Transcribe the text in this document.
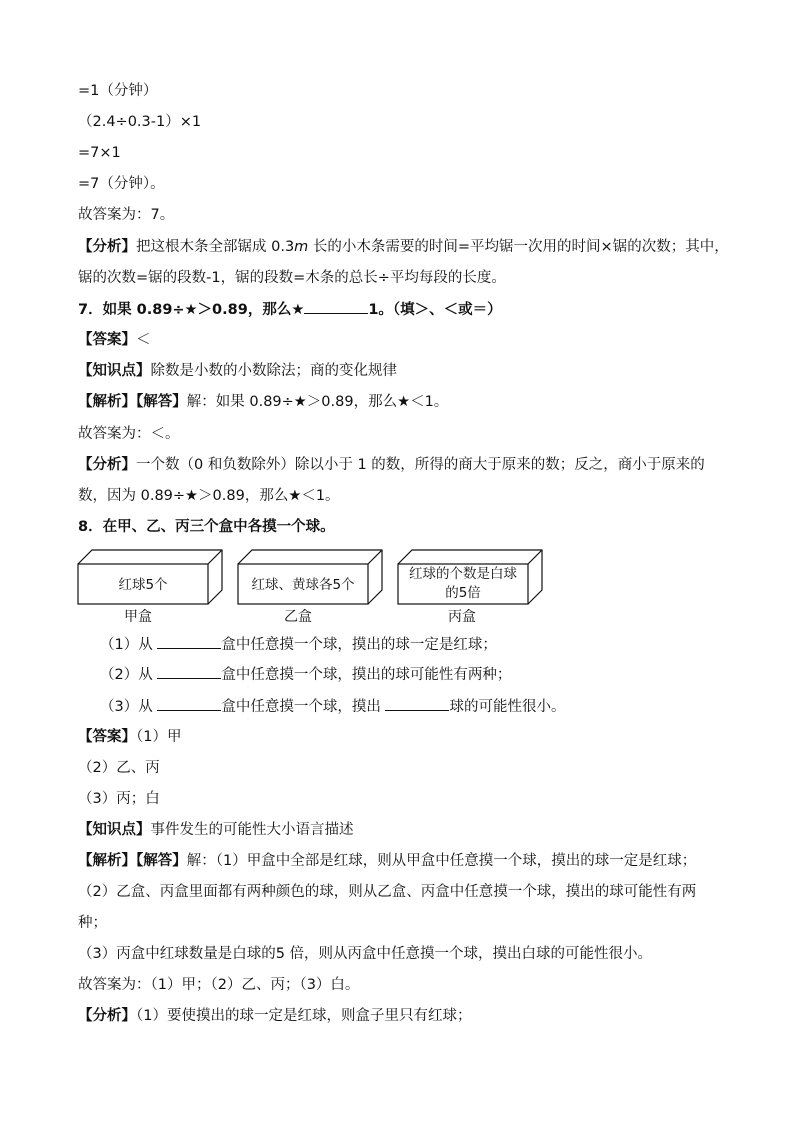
=1（分钟）
（2.4÷0.3-1）×1
=7×1
=7（分钟）。
故答案为：7。
【分析】把这根木条全部锯成 0.3m 长的小木条需要的时间=平均锯一次用的时间×锯的次数；其中，
锯的次数=锯的段数-1，锯的段数=木条的总长÷平均每段的长度。
7．如果 0.89÷★＞0.89，那么★	1。（填＞、＜或＝）
【答案】＜
【知识点】除数是小数的小数除法；商的变化规律
【解析】【解答】解：如果 0.89÷★＞0.89，那么★＜1。
故答案为：＜。
【分析】一个数（0 和负数除外）除以小于 1 的数，所得的商大于原来的数；反之，商小于原来的
数，因为 0.89÷★＞0.89，那么★＜1。
8．在甲、乙、丙三个盒中各摸一个球。
红球5个	红球、黄球各5个
红球的个数是白球
的5倍
甲盒	乙盒	丙盒
（1）从	盒中任意摸一个球，摸出的球一定是红球；
（2）从	盒中任意摸一个球，摸出的球可能性有两种；
（3）从	盒中任意摸一个球，摸出	球的可能性很小。
【答案】（1）甲
（2）乙、丙
（3）丙；白
【知识点】事件发生的可能性大小语言描述
【解析】【解答】解：（1）甲盒中全部是红球，则从甲盒中任意摸一个球，摸出的球一定是红球；
（2）乙盒、丙盒里面都有两种颜色的球，则从乙盒、丙盒中任意摸一个球，摸出的球可能性有两
种；
（3）丙盒中红球数量是白球的5 倍，则从丙盒中任意摸一个球，摸出白球的可能性很小。
故答案为：（1）甲；（2）乙、丙；（3）白。
【分析】（1）要使摸出的球一定是红球，则盒子里只有红球；
